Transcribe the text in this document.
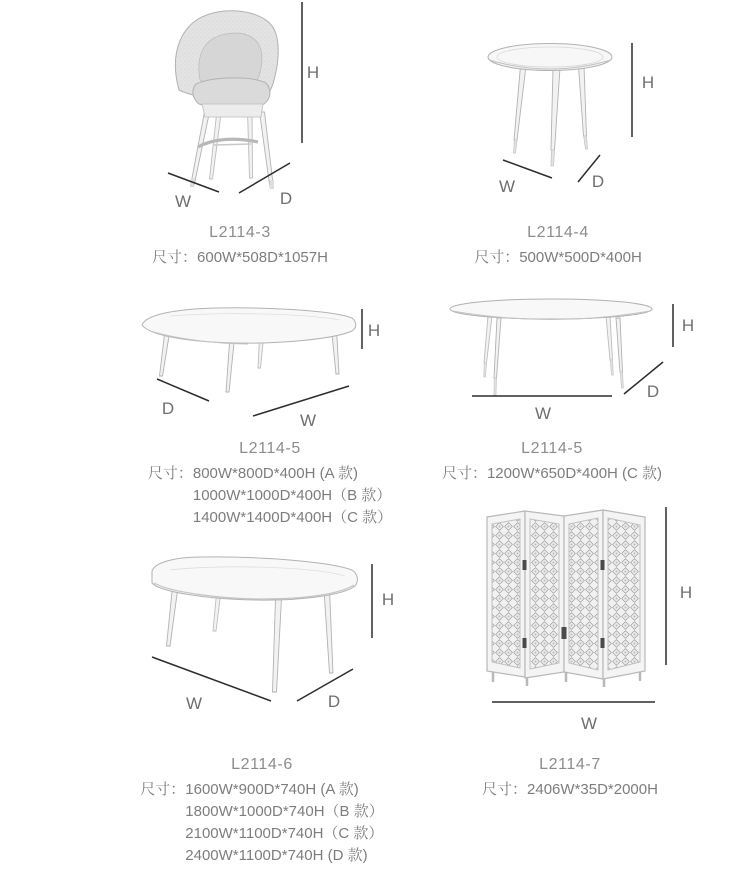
H
W	D
H
W	D
H
D
W
H
W
D
H
W	D
H
W
L2114-3
尺寸：600W*508D*1057H
L2114-4
尺寸：500W*500D*400H
L2114-5
尺寸：800W*800D*400H (A 款)
1000W*1000D*400H（B 款）
1400W*1400D*400H（C 款）
L2114-5
尺寸：1200W*650D*400H (C 款)
L2114-6
尺寸：1600W*900D*740H (A 款)
1800W*1000D*740H（B 款）
2100W*1100D*740H（C 款）
2400W*1100D*740H (D 款)
L2114-7
尺寸：2406W*35D*2000H
